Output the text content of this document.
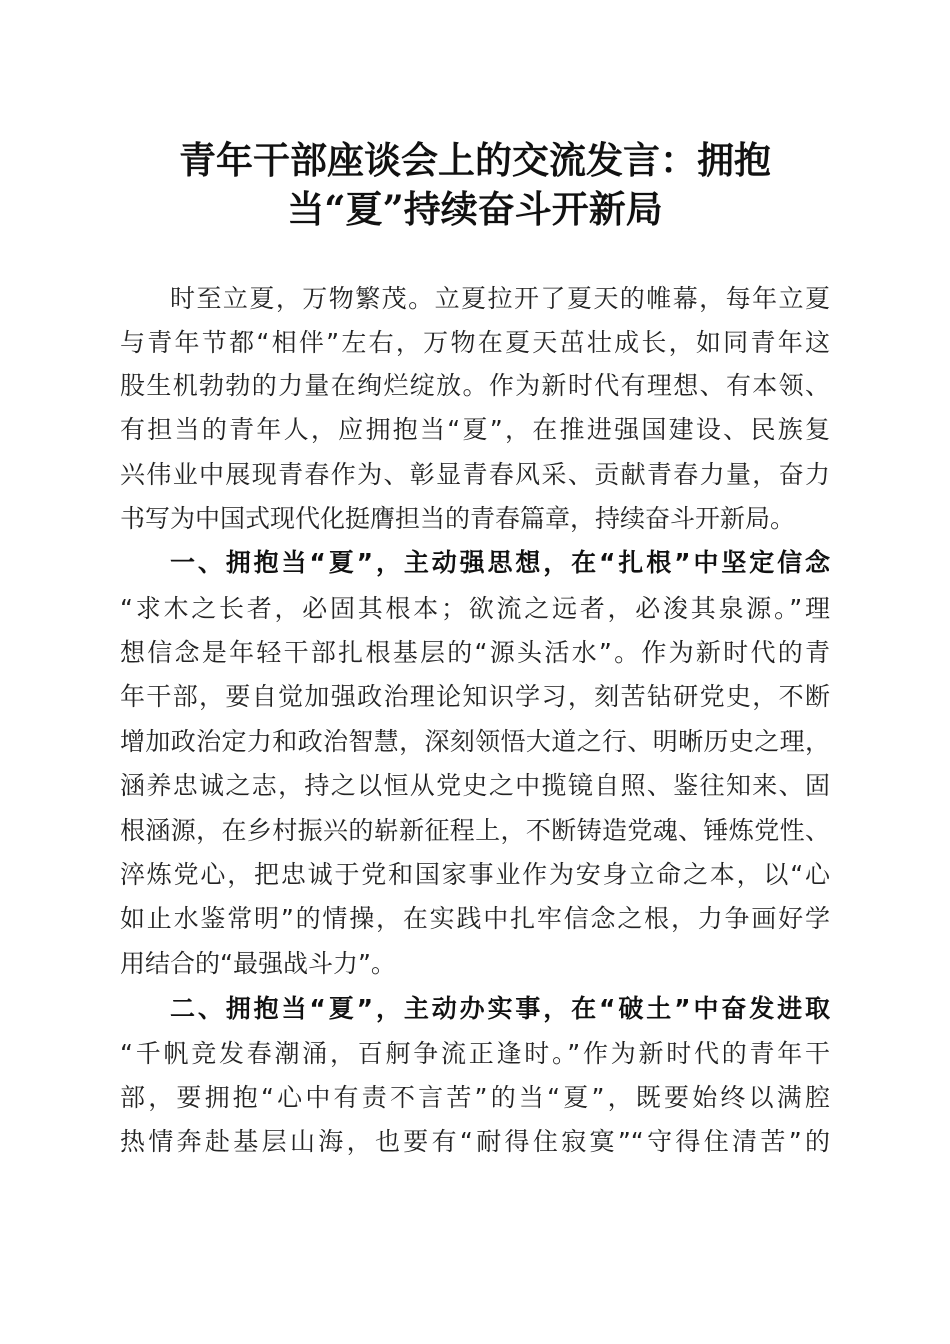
青年干部座谈会上的交流发言：拥抱
当“夏”持续奋斗开新局
时至立夏，万物繁茂。立夏拉开了夏天的帷幕，每年立夏
与青年节都“相伴”左右，万物在夏天茁壮成长，如同青年这
股生机勃勃的力量在绚烂绽放。作为新时代有理想、有本领、
有担当的青年人，应拥抱当“夏”，在推进强国建设、民族复
兴伟业中展现青春作为、彰显青春风采、贡献青春力量，奋力
书写为中国式现代化挺膺担当的青春篇章，持续奋斗开新局。
一、拥抱当“夏”，主动强思想，在“扎根”中坚定信念
“求木之长者，必固其根本；欲流之远者，必浚其泉源。”理
想信念是年轻干部扎根基层的“源头活水”。作为新时代的青
年干部，要自觉加强政治理论知识学习，刻苦钻研党史，不断
增加政治定力和政治智慧，深刻领悟大道之行、明晰历史之理，
涵养忠诚之志，持之以恒从党史之中揽镜自照、鉴往知来、固
根涵源，在乡村振兴的崭新征程上，不断铸造党魂、锤炼党性、
淬炼党心，把忠诚于党和国家事业作为安身立命之本，以“心
如止水鉴常明”的情操，在实践中扎牢信念之根，力争画好学
用结合的“最强战斗力”。
二、拥抱当“夏”，主动办实事，在“破土”中奋发进取
“千帆竞发春潮涌，百舸争流正逢时。”作为新时代的青年干
部，要拥抱“心中有责不言苦”的当“夏”，既要始终以满腔
热情奔赴基层山海，也要有“耐得住寂寞”“守得住清苦”的
